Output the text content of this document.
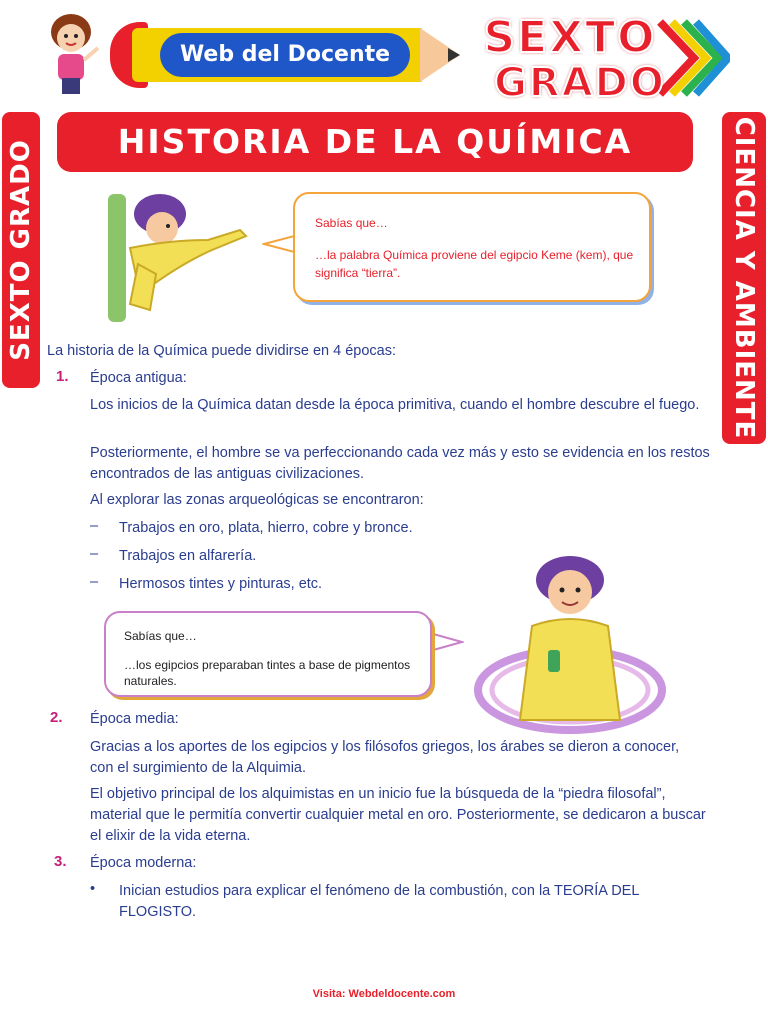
Web del Docente	SEXTO
GRADO
SEXTO GRADO	CIENCIA Y AMBIENTE
HISTORIA DE LA QUÍMICA
Sabías que…
…la palabra Química proviene del egipcio Keme (kem), que significa “tierra”.
La historia de la Química puede dividirse en 4 épocas:
1. Época antigua:
Los inicios de la Química datan desde la época primitiva, cuando el hombre descubre el fuego.
Posteriormente, el hombre se va perfeccionando cada vez más y esto se evidencia en los restos encontrados de las antiguas civilizaciones.
Al explorar las zonas arqueológicas se encontraron:
– Trabajos en oro, plata, hierro, cobre y bronce.
– Trabajos en alfarería.
– Hermosos tintes y pinturas, etc.
Sabías que…
…los egipcios preparaban tintes a base de pigmentos naturales.
2. Época media:
Gracias a los aportes de los egipcios y los filósofos griegos, los árabes se dieron a conocer, con el surgimiento de la Alquimia.
El objetivo principal de los alquimistas en un inicio fue la búsqueda de la “piedra filosofal”, material que le permitía convertir cualquier metal en oro. Posteriormente, se dedicaron a buscar el elixir de la vida eterna.
3. Época moderna:
• Inician estudios para explicar el fenómeno de la combustión, con la TEORÍA DEL FLOGISTO.
Visita: Webdeldocente.com
